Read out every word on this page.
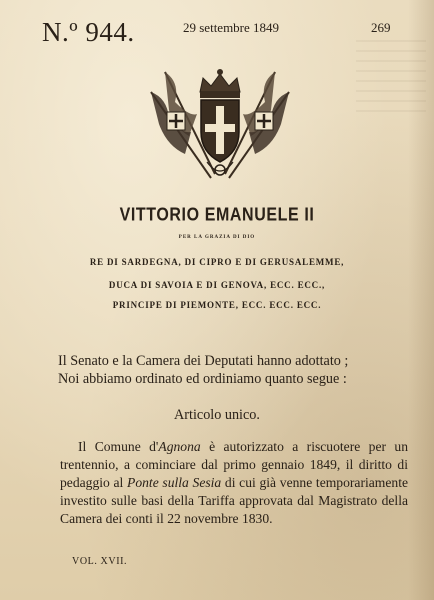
N.º 944.	29 settembre 1849	269
VITTORIO EMANUELE II
PER LA GRAZIA DI DIO
RE DI SARDEGNA, DI CIPRO E DI GERUSALEMME,
DUCA DI SAVOIA E DI GENOVA, ECC. ECC.,
PRINCIPE DI PIEMONTE, ECC. ECC. ECC.
Il Senato e la Camera dei Deputati hanno adottato ;
Noi abbiamo ordinato ed ordiniamo quanto segue :
Articolo unico.
Il Comune d'Agnona è autorizzato a riscuotere per un trentennio, a cominciare dal primo gennaio 1849, il diritto di pedaggio al Ponte sulla Sesia di cui già venne temporariamente investito sulle basi della Tariffa approvata dal Magistrato della Camera dei conti il 22 novembre 1830.
VOL. XVII.
